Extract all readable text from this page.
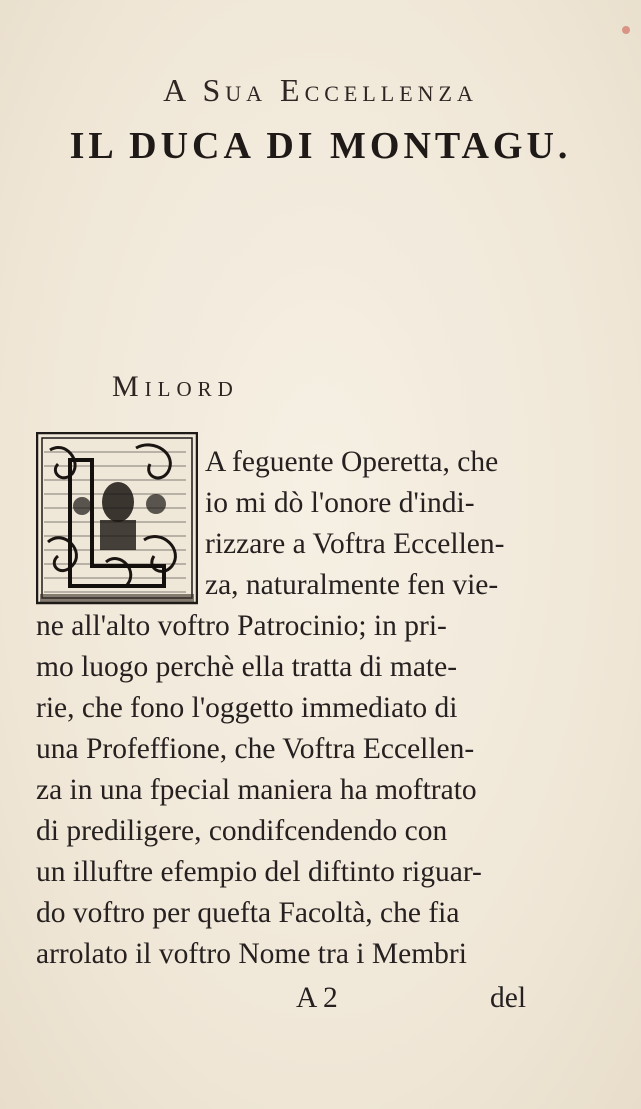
A Sua Eccellenza
IL DUCA DI MONTAGU.
Milord
A feguente Operetta, che
io mi dò l'onore d'indi-
rizzare a Voftra Eccellen-
za, naturalmente fen vie-
ne all'alto voftro Patrocinio; in pri-
mo luogo perchè ella tratta di mate-
rie, che fono l'oggetto immediato di
una Profeffione, che Voftra Eccellen-
za in una fpecial maniera ha moftrato
di prediligere, condifcendendo con
un illuftre efempio del diftinto riguar-
do voftro per quefta Facoltà, che fia
arrolato il voftro Nome tra i Membri
A 2	del
